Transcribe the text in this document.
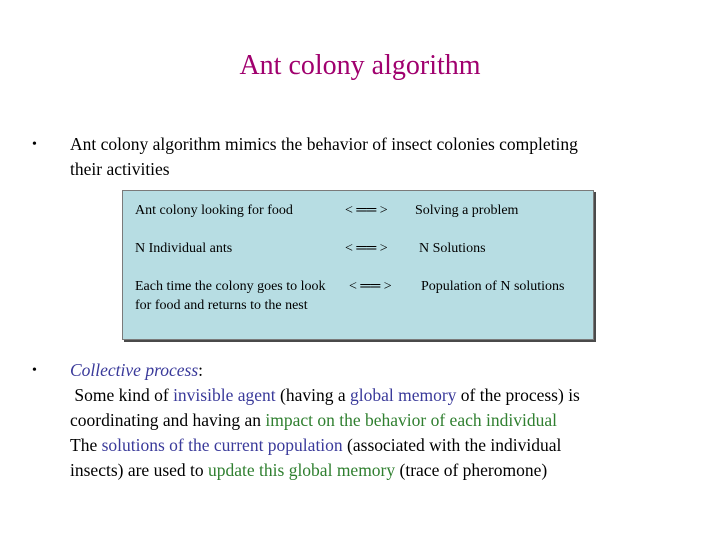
Ant colony algorithm
• Ant colony algorithm mimics the behavior of insect colonies completing
their activities
Ant colony looking for food	< ══ > Solving a problem
N Individual ants	< ══ > N Solutions
Each time the colony goes to look for food and returns to the nest
< ══ > Population of N solutions
• Collective process:
Some kind of invisible agent (having a global memory of the process) is
coordinating and having an impact on the behavior of each individual
The solutions of the current population (associated with the individual
insects) are used to update this global memory (trace of pheromone)
